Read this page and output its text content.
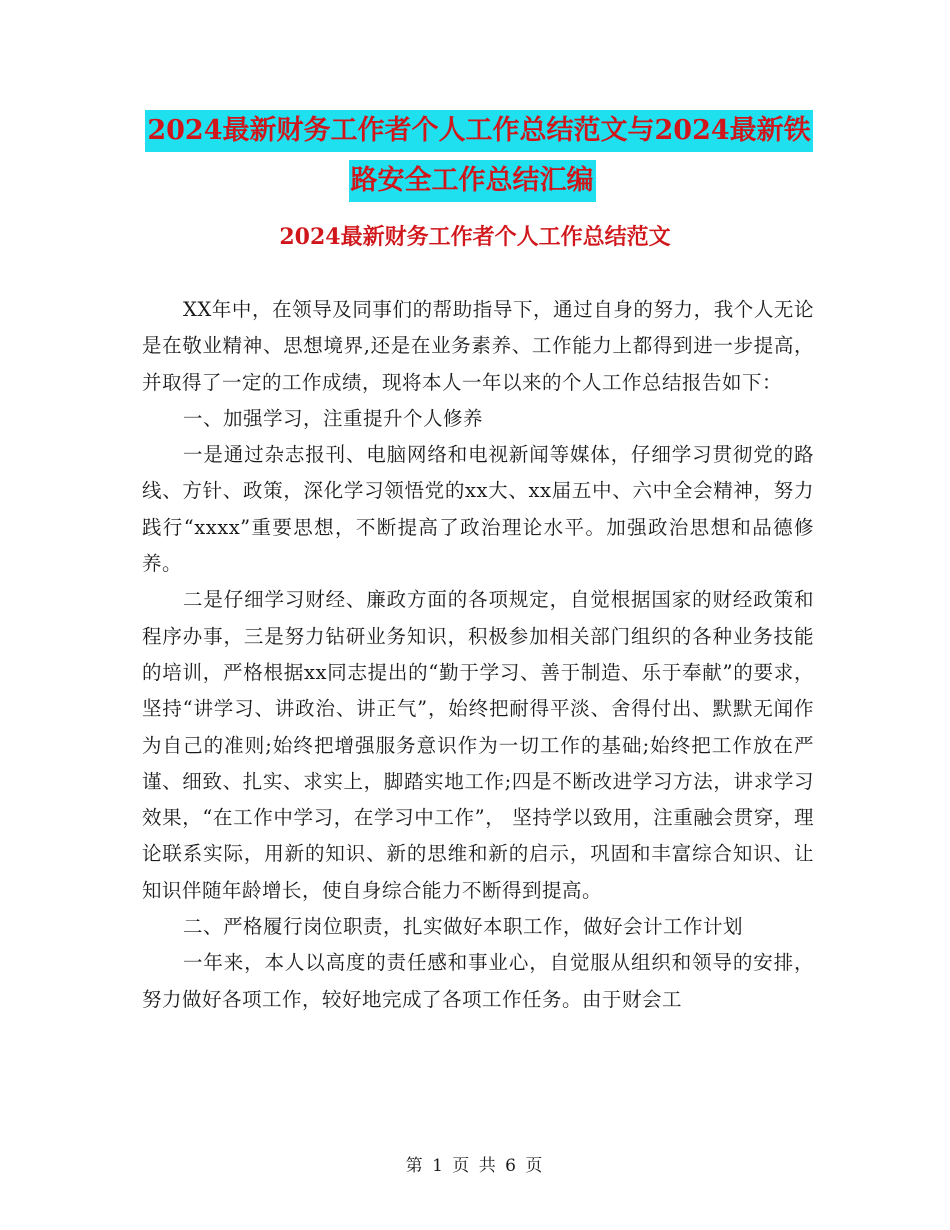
2024最新财务工作者个人工作总结范文与2024最新铁
路安全工作总结汇编
2024最新财务工作者个人工作总结范文

XX年中，在领导及同事们的帮助指导下，通过自身的努力，我个人无论是在敬业精神、思想境界,还是在业务素养、工作能力上都得到进一步提高，并取得了一定的工作成绩，现将本人一年以来的个人工作总结报告如下：

一、加强学习，注重提升个人修养

一是通过杂志报刊、电脑网络和电视新闻等媒体，仔细学习贯彻党的路线、方针、政策，深化学习领悟党的xx大、xx届五中、六中全会精神，努力践行“xxxx”重要思想，不断提高了政治理论水平。加强政治思想和品德修养。

二是仔细学习财经、廉政方面的各项规定，自觉根据国家的财经政策和程序办事，三是努力钻研业务知识，积极参加相关部门组织的各种业务技能的培训，严格根据xx同志提出的“勤于学习、善于制造、乐于奉献”的要求，坚持“讲学习、讲政治、讲正气”，始终把耐得平淡、舍得付出、默默无闻作为自己的准则;始终把增强服务意识作为一切工作的基础;始终把工作放在严谨、细致、扎实、求实上，脚踏实地工作;四是不断改进学习方法，讲求学习效果，“在工作中学习，在学习中工作”， 坚持学以致用，注重融会贯穿，理论联系实际，用新的知识、新的思维和新的启示，巩固和丰富综合知识、让知识伴随年龄增长，使自身综合能力不断得到提高。

二、严格履行岗位职责，扎实做好本职工作，做好会计工作计划

一年来，本人以高度的责任感和事业心，自觉服从组织和领导的安排，努力做好各项工作，较好地完成了各项工作任务。由于财会工

第 1 页 共 6 页
